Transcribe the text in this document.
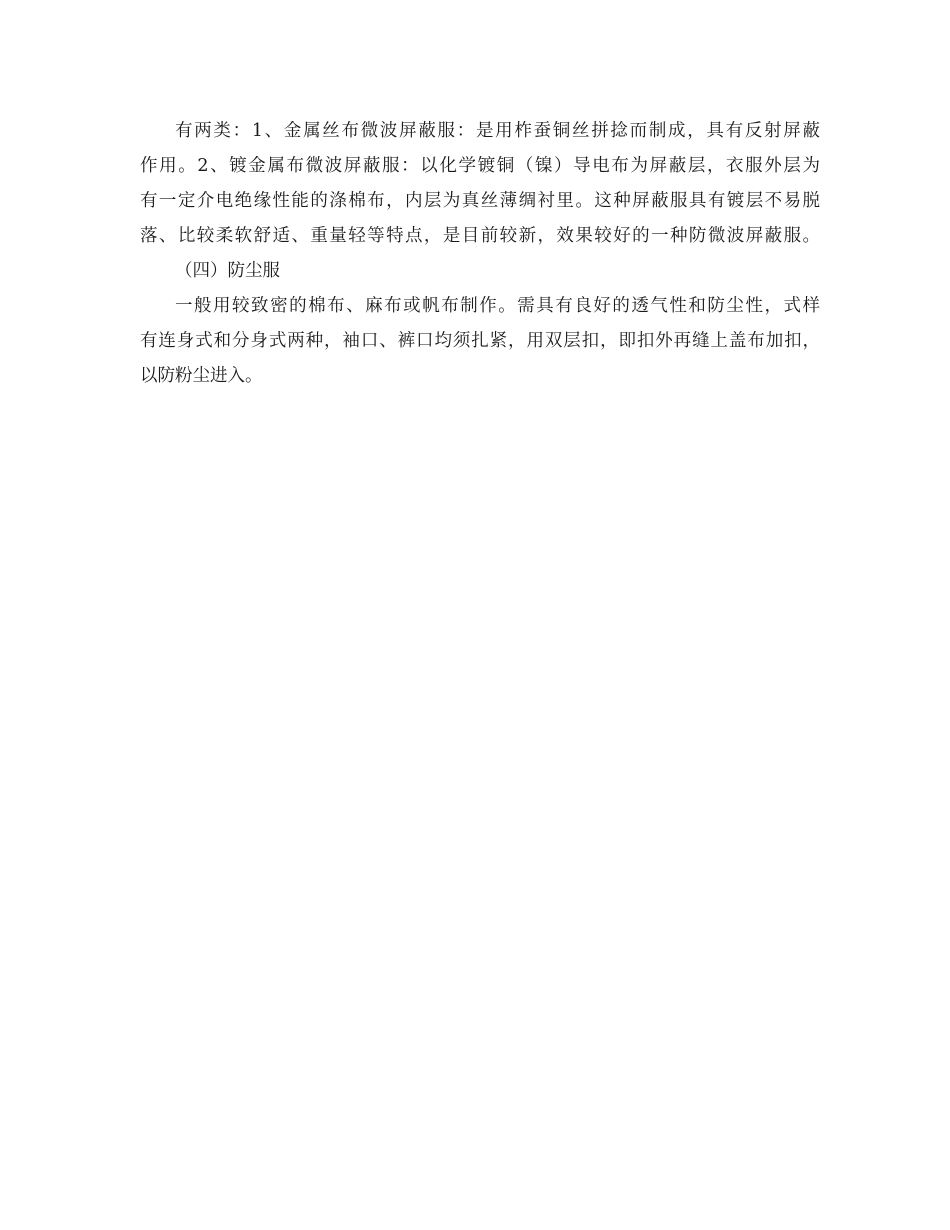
有两类：1、金属丝布微波屏蔽服：是用柞蚕铜丝拼捻而制成，具有反射屏蔽
作用。2、镀金属布微波屏蔽服：以化学镀铜（镍）导电布为屏蔽层，衣服外层为
有一定介电绝缘性能的涤棉布，内层为真丝薄绸衬里。这种屏蔽服具有镀层不易脱
落、比较柔软舒适、重量轻等特点，是目前较新，效果较好的一种防微波屏蔽服。
（四）防尘服
一般用较致密的棉布、麻布或帆布制作。需具有良好的透气性和防尘性，式样
有连身式和分身式两种，袖口、裤口均须扎紧，用双层扣，即扣外再缝上盖布加扣，
以防粉尘进入。
